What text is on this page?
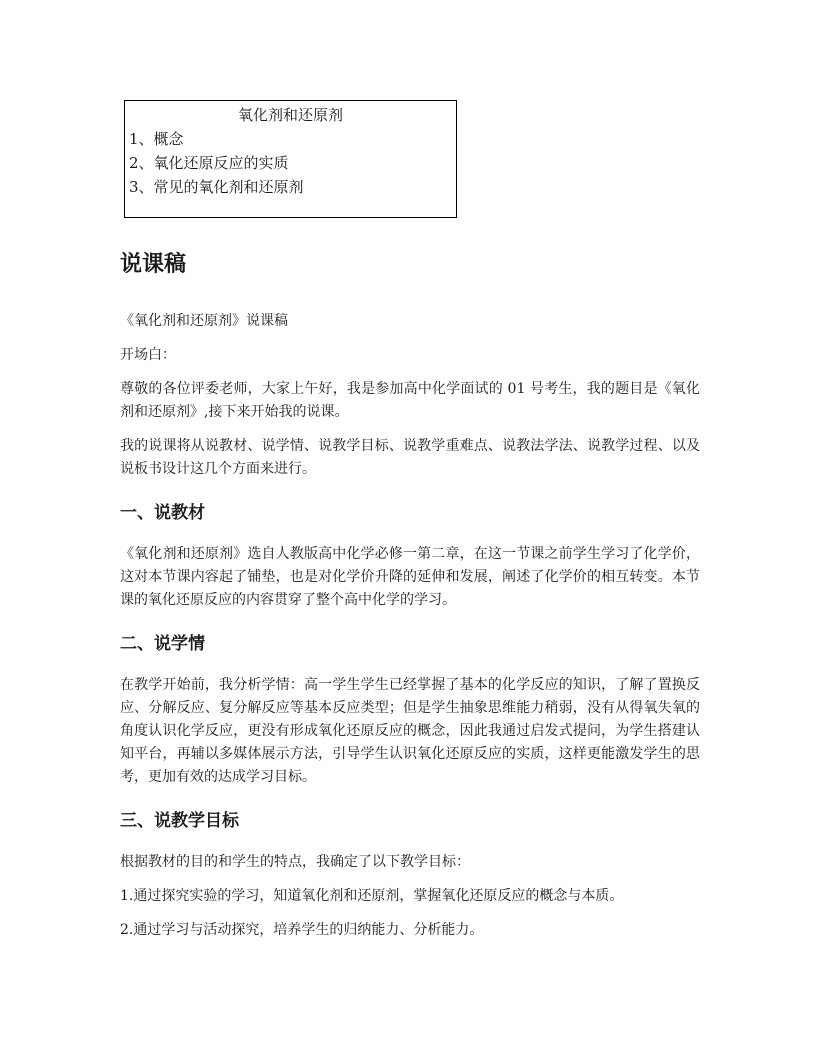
氧化剂和还原剂
1、概念
2、氧化还原反应的实质
3、常见的氧化剂和还原剂
说课稿

《氧化剂和还原剂》说课稿

开场白：

尊敬的各位评委老师，大家上午好，我是参加高中化学面试的 01 号考生，我的题目是《氧化剂和还原剂》,接下来开始我的说课。

我的说课将从说教材、说学情、说教学目标、说教学重难点、说教法学法、说教学过程、以及说板书设计这几个方面来进行。

一、说教材

《氧化剂和还原剂》选自人教版高中化学必修一第二章，在这一节课之前学生学习了化学价，这对本节课内容起了铺垫，也是对化学价升降的延伸和发展，阐述了化学价的相互转变。本节课的氧化还原反应的内容贯穿了整个高中化学的学习。

二、说学情

在教学开始前，我分析学情：高一学生学生已经掌握了基本的化学反应的知识，了解了置换反应、分解反应、复分解反应等基本反应类型；但是学生抽象思维能力稍弱，没有从得氧失氧的角度认识化学反应，更没有形成氧化还原反应的概念，因此我通过启发式提问，为学生搭建认知平台，再辅以多媒体展示方法，引导学生认识氧化还原反应的实质，这样更能激发学生的思考，更加有效的达成学习目标。

三、说教学目标

根据教材的目的和学生的特点，我确定了以下教学目标：

1.通过探究实验的学习，知道氧化剂和还原剂，掌握氧化还原反应的概念与本质。

2.通过学习与活动探究，培养学生的归纳能力、分析能力。
